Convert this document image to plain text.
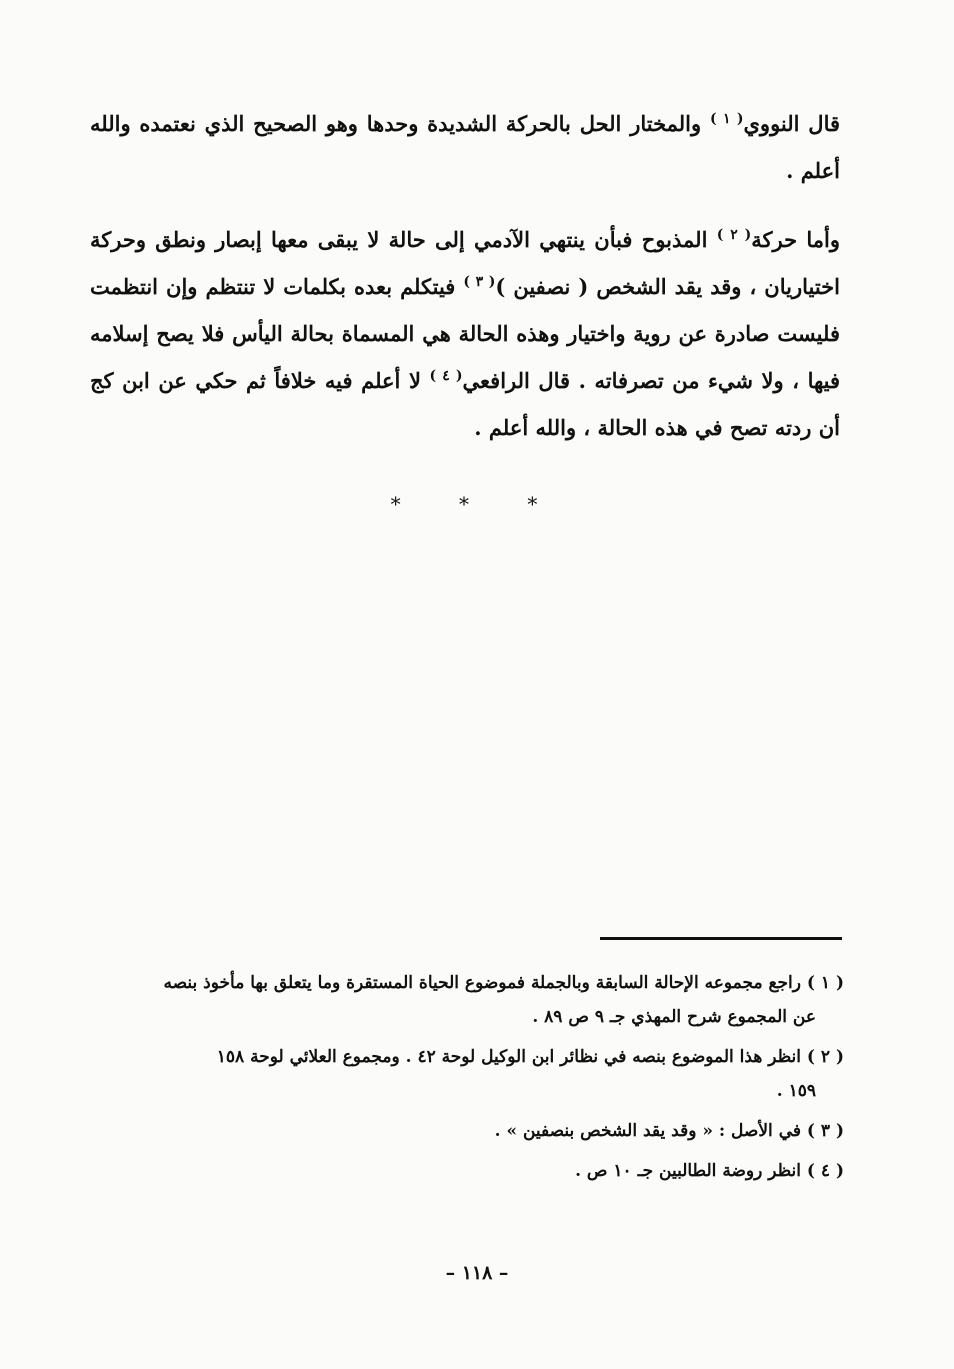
قال النووي$^{( ١ )}$ والمختار الحل بالحركة الشديدة وحدها وهو الصحيح الذي نعتمده والله أعلم .

وأما حركة$^{( ٢ )}$ المذبوح فبأن ينتهي الآدمي إلى حالة لا يبقى معها إبصار ونطق وحركة اختياريان ، وقد يقد الشخص ( نصفين )$^{( ٣ )}$ فيتكلم بعده بكلمات لا تنتظم وإن انتظمت فليست صادرة عن روية واختيار وهذه الحالة هي المسماة بحالة اليأس فلا يصح إسلامه فيها ، ولا شيء من تصرفاته . قال الرافعي$^{( ٤ )}$ لا أعلم فيه خلافاً ثم حكي عن ابن كج أن ردته تصح في هذه الحالة ، والله أعلم .

* * *

( ١ ) راجع مجموعه الإحالة السابقة وبالجملة فموضوع الحياة المستقرة وما يتعلق بها مأخوذ بنصه
عن المجموع شرح المهذي جـ ٩ ص ٨٩ .

( ٢ ) انظر هذا الموضوع بنصه في نظائر ابن الوكيل لوحة ٤٢ . ومجموع العلائي لوحة ١٥٨
١٥٩ .

( ٣ ) في الأصل : « وقد يقد الشخص بنصفين » .

( ٤ ) انظر روضة الطالبين جـ ١٠ ص .

– ١١٨ –
